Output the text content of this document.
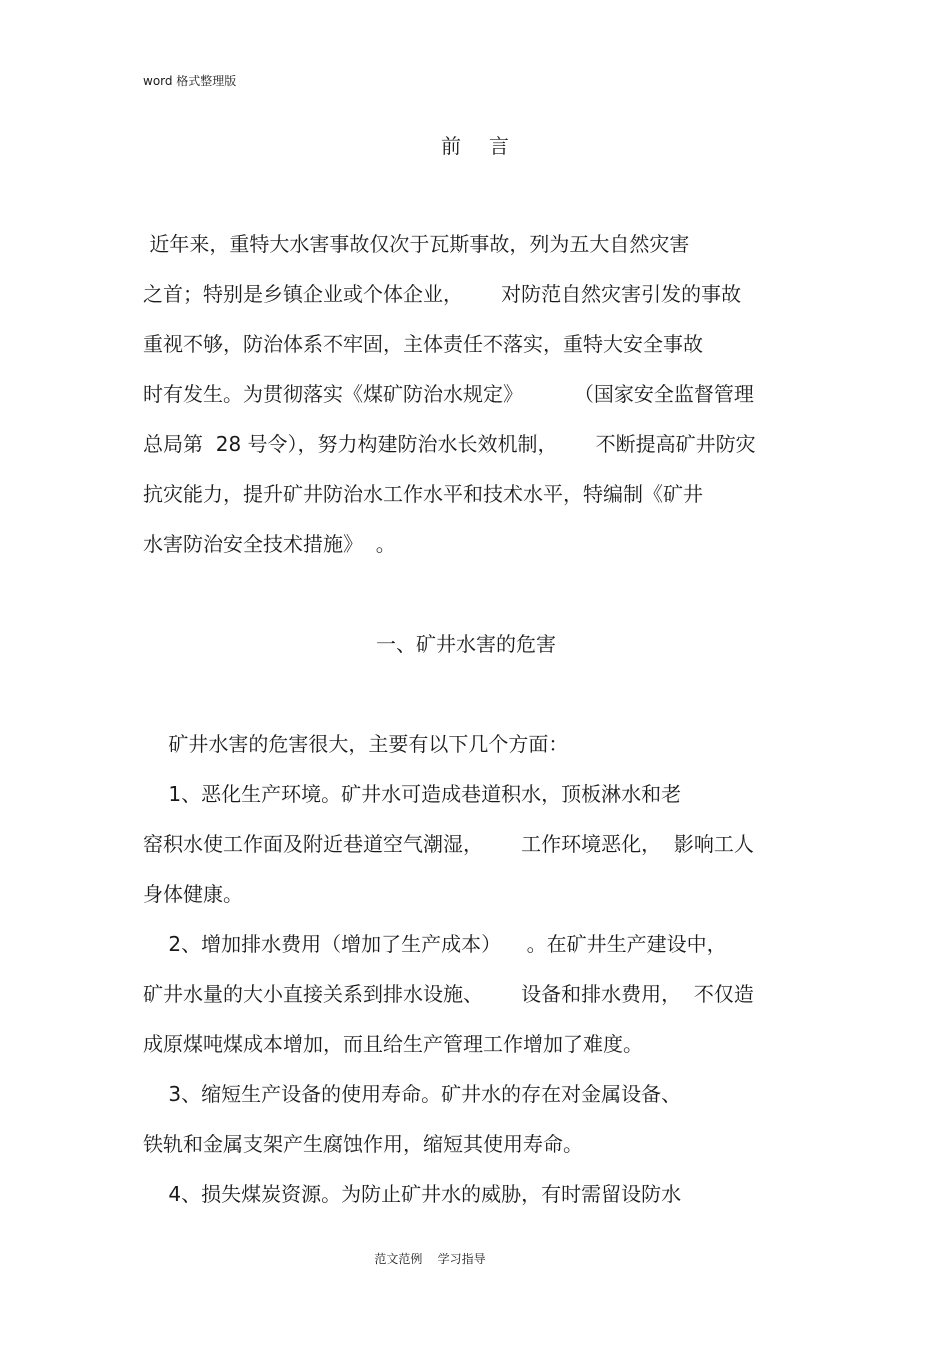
word 格式整理版
前言
近年来，重特大水害事故仅次于瓦斯事故，列为五大自然灾害
之首；特别是乡镇企业或个体企业，      对防范自然灾害引发的事故
重视不够，防治体系不牢固，主体责任不落实，重特大安全事故
时有发生。为贯彻落实《煤矿防治水规定》        （国家安全监督管理
总局第  28 号令），努力构建防治水长效机制，      不断提高矿井防灾
抗灾能力，提升矿井防治水工作水平和技术水平，特编制《矿井
水害防治安全技术措施》  。
一、矿井水害的危害
矿井水害的危害很大，主要有以下几个方面：
1、恶化生产环境。矿井水可造成巷道积水，顶板淋水和老
窑积水使工作面及附近巷道空气潮湿，      工作环境恶化，  影响工人
身体健康。
2、增加排水费用（增加了生产成本）    。在矿井生产建设中，
矿井水量的大小直接关系到排水设施、      设备和排水费用，  不仅造
成原煤吨煤成本增加，而且给生产管理工作增加了难度。
3、缩短生产设备的使用寿命。矿井水的存在对金属设备、
铁轨和金属支架产生腐蚀作用，缩短其使用寿命。
4、损失煤炭资源。为防止矿井水的威胁，有时需留设防水
范文范例    学习指导
